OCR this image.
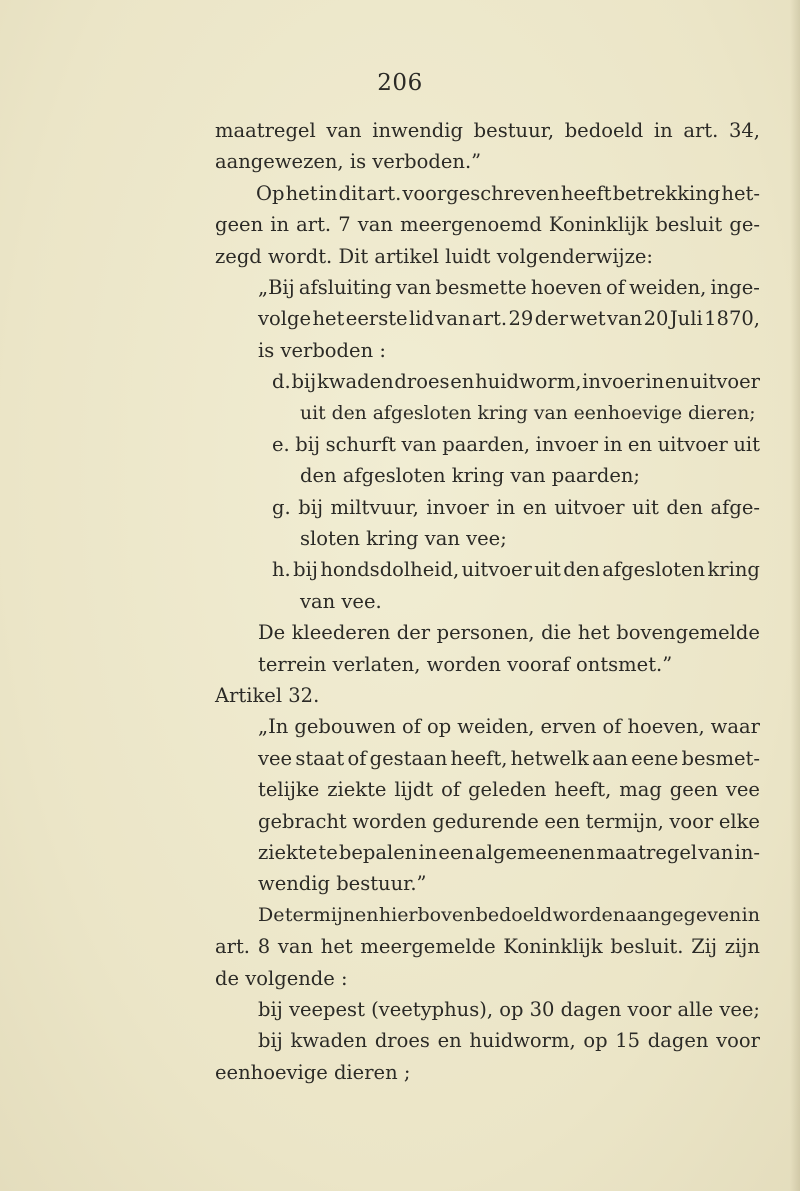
206
maatregel van inwendig bestuur, bedoeld in art. 34,
aangewezen, is verboden.”
Op het in dit art. voorgeschreven heeft betrekking het-
geen in art. 7 van meergenoemd Koninklijk besluit ge-
zegd wordt. Dit artikel luidt volgenderwijze:
„Bij afsluiting van besmette hoeven of weiden, inge-
volge het eerste lid van art. 29 der wet van 20 Juli 1870,
is verboden :
d. bij kwaden droes en huidworm, invoer in en uitvoer
uit den afgesloten kring van eenhoevige dieren;
e. bij schurft van paarden, invoer in en uitvoer uit
den afgesloten kring van paarden;
g. bij miltvuur, invoer in en uitvoer uit den afge-
sloten kring van vee;
h. bij hondsdolheid, uitvoer uit den afgesloten kring
van vee.
De kleederen der personen, die het bovengemelde
terrein verlaten, worden vooraf ontsmet.”
Artikel 32.
„In gebouwen of op weiden, erven of hoeven, waar
vee staat of gestaan heeft, hetwelk aan eene besmet-
telijke ziekte lijdt of geleden heeft, mag geen vee
gebracht worden gedurende een termijn, voor elke
ziekte te bepalen in een algemeenen maatregel van in-
wendig bestuur.”
De termijnen hierboven bedoeld worden aangegeven in
art. 8 van het meergemelde Koninklijk besluit. Zij zijn
de volgende :
bij veepest (veetyphus), op 30 dagen voor alle vee;
bij kwaden droes en huidworm, op 15 dagen voor
eenhoevige dieren ;
